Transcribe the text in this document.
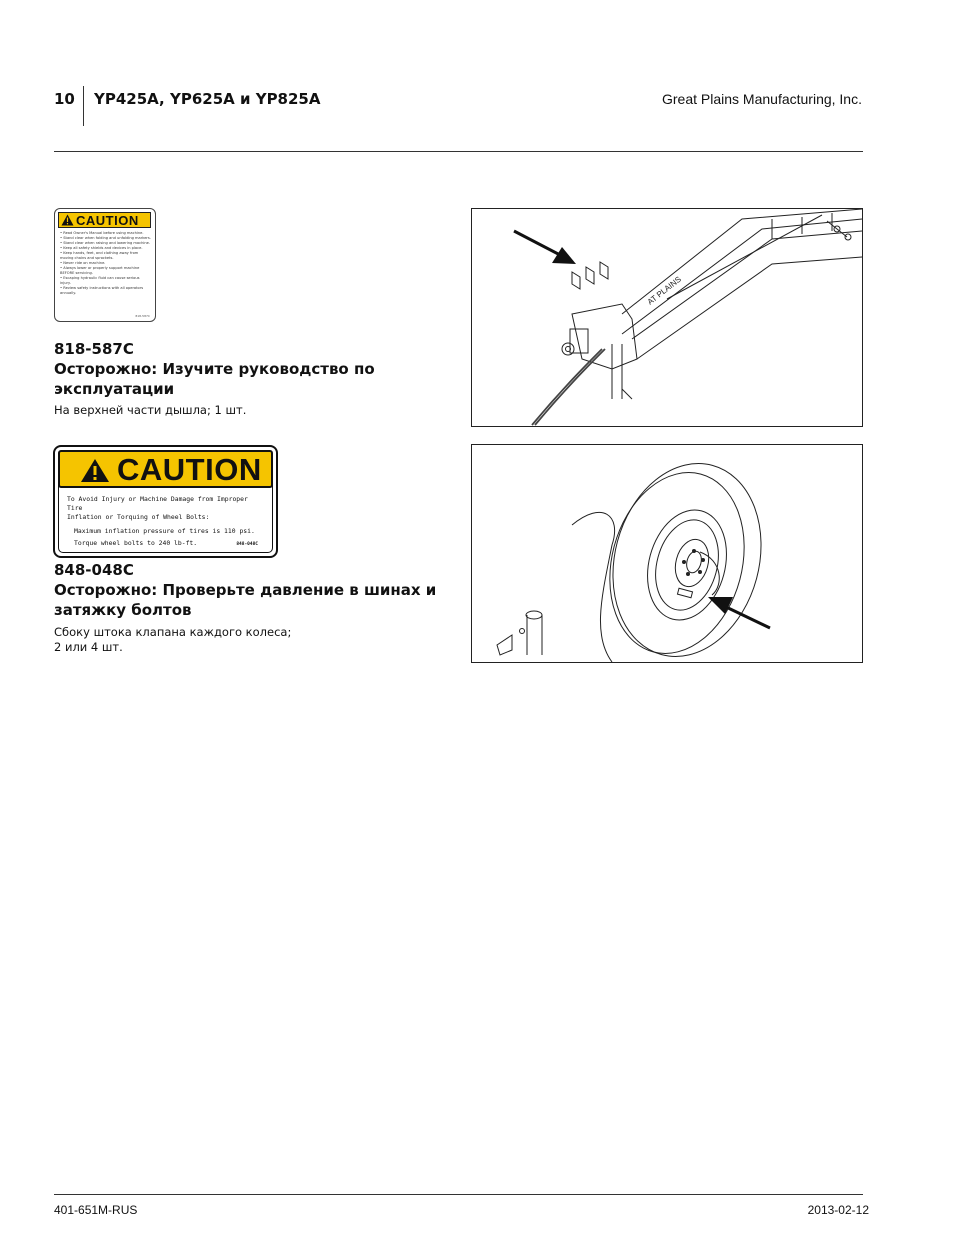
10 YP425A, YP625A и YP825A	Great Plains Manufacturing, Inc.
CAUTION
• Read Owner's Manual before using machine.
• Stand clear when folding and unfolding markers.
• Stand clear when raising and lowering machine.
• Keep all safety shields and devices in place.
• Keep hands, feet, and clothing away from
moving chains and sprockets.
• Never ride on machine.
• Always lower or properly support machine
BEFORE servicing.
• Escaping hydraulic fluid can cause serious
injury.
• Review safety instructions with all operators
annually.
818-587C
818-587C
Осторожно: Изучите руководство по эксплуатации
На верхней части дышла; 1 шт.
AT PLAINS
CAUTION
To Avoid Injury or Machine Damage from Improper Tire
Inflation or Torquing of Wheel Bolts:
Maximum inflation pressure of tires is 110 psi.
Torque wheel bolts to 240 lb-ft.	848-048C
848-048C
Осторожно: Проверьте давление в шинах и затяжку болтов
Сбоку штока клапана каждого колеса;
2 или 4 шт.
401-651M-RUS	2013-02-12
